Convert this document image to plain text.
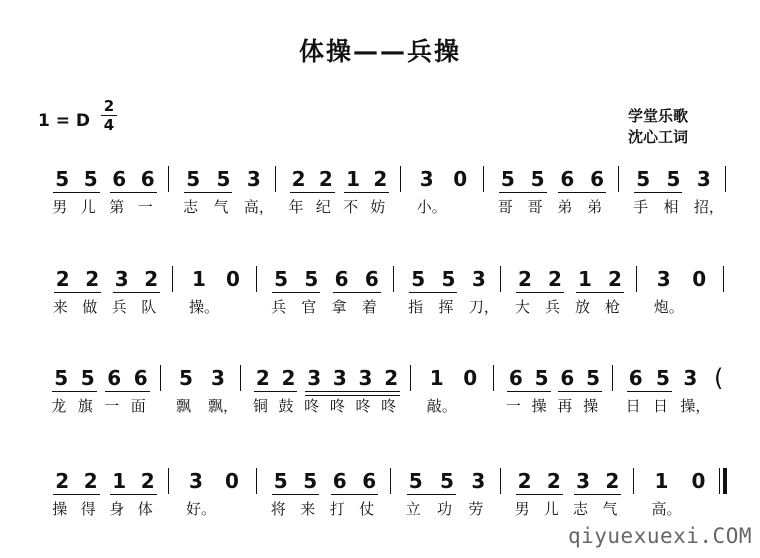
体操——兵操
1 = D
2
4	学堂乐歌
沈心工词
5
男
5
儿
6
第
6
一
5
志
5
气
3
高，
2
年
2
纪
1
不
2
妨
3
小。
0 5
哥
5
哥
6
弟
6
弟
5
手
5
相
3
招，
2
来
2
做
3
兵
2
队
1
操。
0 5
兵
5
官
6
拿
6
着
5
指
5
挥
3
刀，
2
大
2
兵
1
放
2
枪
3
炮。
0
5
龙
5
旗
6
一
6
面
5
飘
3
飘，
2
铜
2
鼓
3
咚
3
咚
3
咚
2
咚
1
敲。
0 6
一
5
操
6
再
5
操
6
日
5
日
3
操，
(
2
操
2
得
1
身
2
体
3
好。
0 5
将
5
来
6
打
6
仗
5
立
5
功
3
劳
2
男
2
儿
3
志
2
气
1
高。
0
qiyuexuexi.COM
